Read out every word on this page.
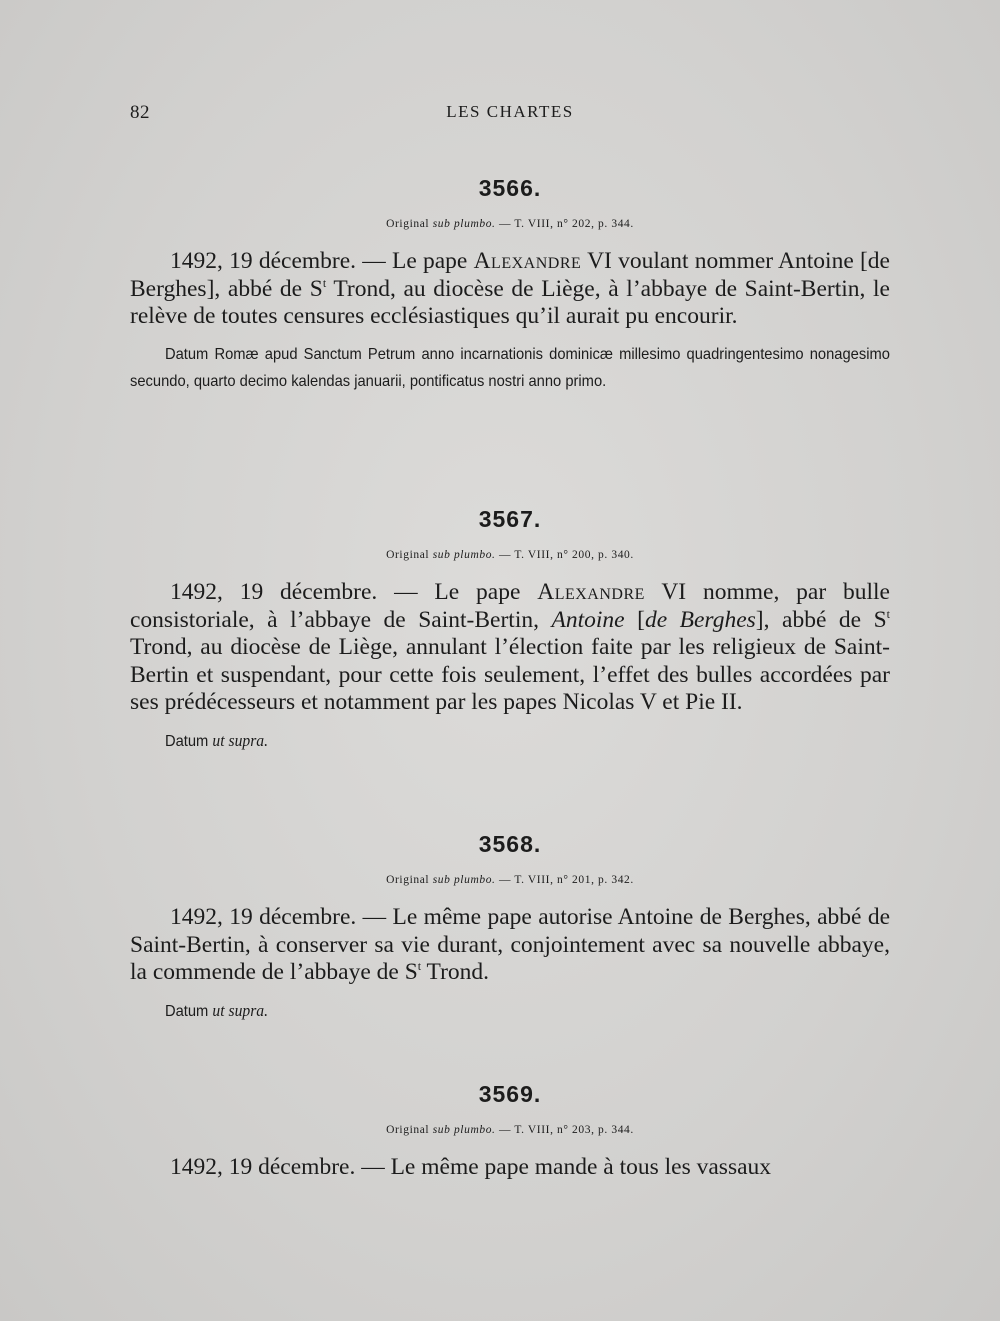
82	LES CHARTES
3566.
Original sub plumbo. — T. VIII, n° 202, p. 344.
1492, 19 décembre. — Le pape Alexandre VI voulant nommer Antoine [de Berghes], abbé de $S^t$ Trond, au diocèse de Liège, à l’abbaye de Saint-Bertin, le relève de toutes censures ecclésiastiques qu’il aurait pu encourir.
Datum Romæ apud Sanctum Petrum anno incarnationis dominicæ millesimo quadringentesimo nonagesimo secundo, quarto decimo kalendas januarii, pontificatus nostri anno primo.
3567.
Original sub plumbo. — T. VIII, n° 200, p. 340.
1492, 19 décembre. — Le pape Alexandre VI nomme, par bulle consistoriale, à l’abbaye de Saint-Bertin, Antoine [de Berghes], abbé de $S^t$ Trond, au diocèse de Liège, annulant l’élection faite par les religieux de Saint-Bertin et suspendant, pour cette fois seulement, l’effet des bulles accordées par ses prédécesseurs et notamment par les papes Nicolas V et Pie II.
Datum ut supra.
3568.
Original sub plumbo. — T. VIII, n° 201, p. 342.
1492, 19 décembre. — Le même pape autorise Antoine de Berghes, abbé de Saint-Bertin, à conserver sa vie durant, conjointement avec sa nouvelle abbaye, la commende de l’abbaye de $S^t$ Trond.
Datum ut supra.
3569.
Original sub plumbo. — T. VIII, n° 203, p. 344.
1492, 19 décembre. — Le même pape mande à tous les vassaux
